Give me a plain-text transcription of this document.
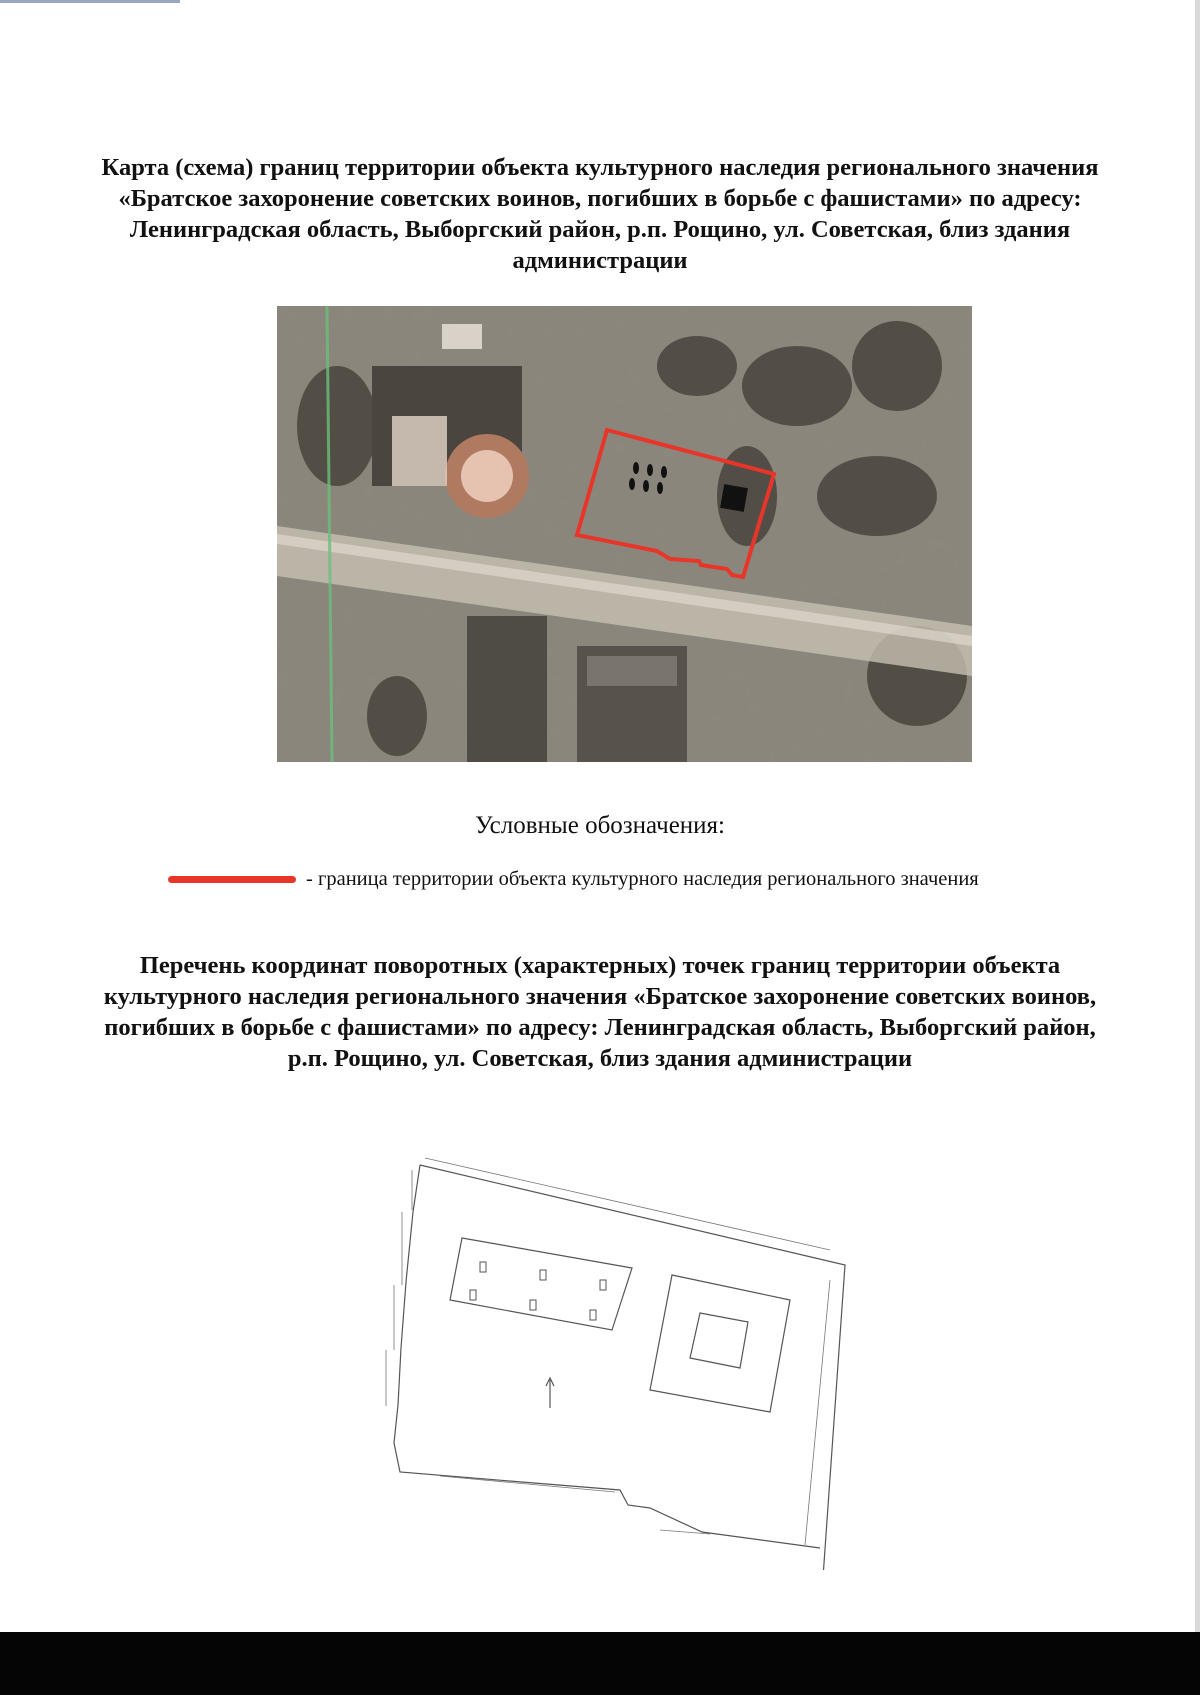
Карта (схема) границ территории объекта культурного наследия регионального значения «Братское захоронение советских воинов, погибших в борьбе с фашистами» по адресу: Ленинградская область, Выборгский район, р.п. Рощино, ул. Советская, близ здания администрации
Условные обозначения:
- граница территории объекта культурного наследия регионального значения
Перечень координат поворотных (характерных) точек границ территории объекта культурного наследия регионального значения «Братское захоронение советских воинов, погибших в борьбе с фашистами» по адресу: Ленинградская область, Выборгский район, р.п. Рощино, ул. Советская, близ здания администрации
